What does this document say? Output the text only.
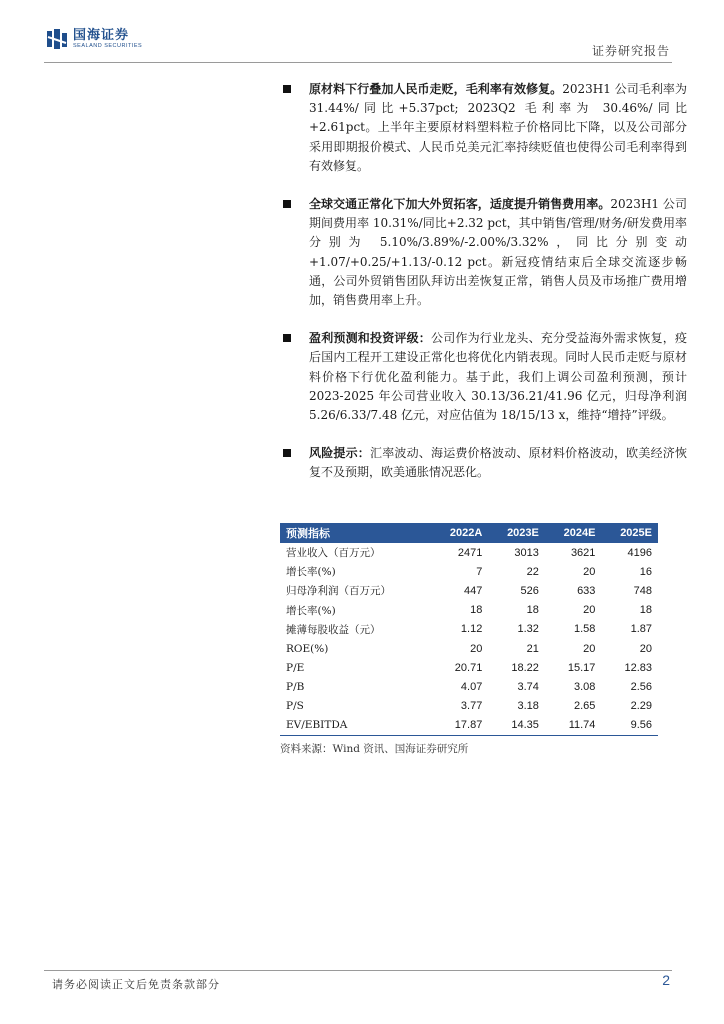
国海证券
SEALAND SECURITIES	证券研究报告
原材料下行叠加人民币走贬，毛利率有效修复。2023H1 公司毛利率为 31.44%/同比+5.37pct; 2023Q2 毛利率为 30.46%/同比+2.61pct。上半年主要原材料塑料粒子价格同比下降，以及公司部分采用即期报价模式、人民币兑美元汇率持续贬值也使得公司毛利率得到有效修复。
全球交通正常化下加大外贸拓客，适度提升销售费用率。2023H1 公司期间费用率 10.31%/同比+2.32 pct，其中销售/管理/财务/研发费用率分别为 5.10%/3.89%/-2.00%/3.32%，同比分别变动 +1.07/+0.25/+1.13/-0.12 pct。新冠疫情结束后全球交流逐步畅通，公司外贸销售团队拜访出差恢复正常，销售人员及市场推广费用增加，销售费用率上升。
盈利预测和投资评级：公司作为行业龙头、充分受益海外需求恢复，疫后国内工程开工建设正常化也将优化内销表现。同时人民币走贬与原材料价格下行优化盈利能力。基于此，我们上调公司盈利预测，预计 2023-2025 年公司营业收入 30.13/36.21/41.96 亿元，归母净利润 5.26/6.33/7.48 亿元，对应估值为 18/15/13 x，维持“增持”评级。
风险提示：汇率波动、海运费价格波动、原材料价格波动，欧美经济恢复不及预期，欧美通胀情况恶化。
预测指标	2022A	2023E	2024E	2025E
营业收入（百万元）	2471	3013	3621	4196
增长率(%)	7	22	20	16
归母净利润（百万元）	447	526	633	748
增长率(%)	18	18	20	18
摊薄每股收益（元）	1.12	1.32	1.58	1.87
ROE(%)	20	21	20	20
P/E	20.71	18.22	15.17	12.83
P/B	4.07	3.74	3.08	2.56
P/S	3.77	3.18	2.65	2.29
EV/EBITDA	17.87	14.35	11.74	9.56
资料来源：Wind 资讯、国海证券研究所
请务必阅读正文后免责条款部分	2
